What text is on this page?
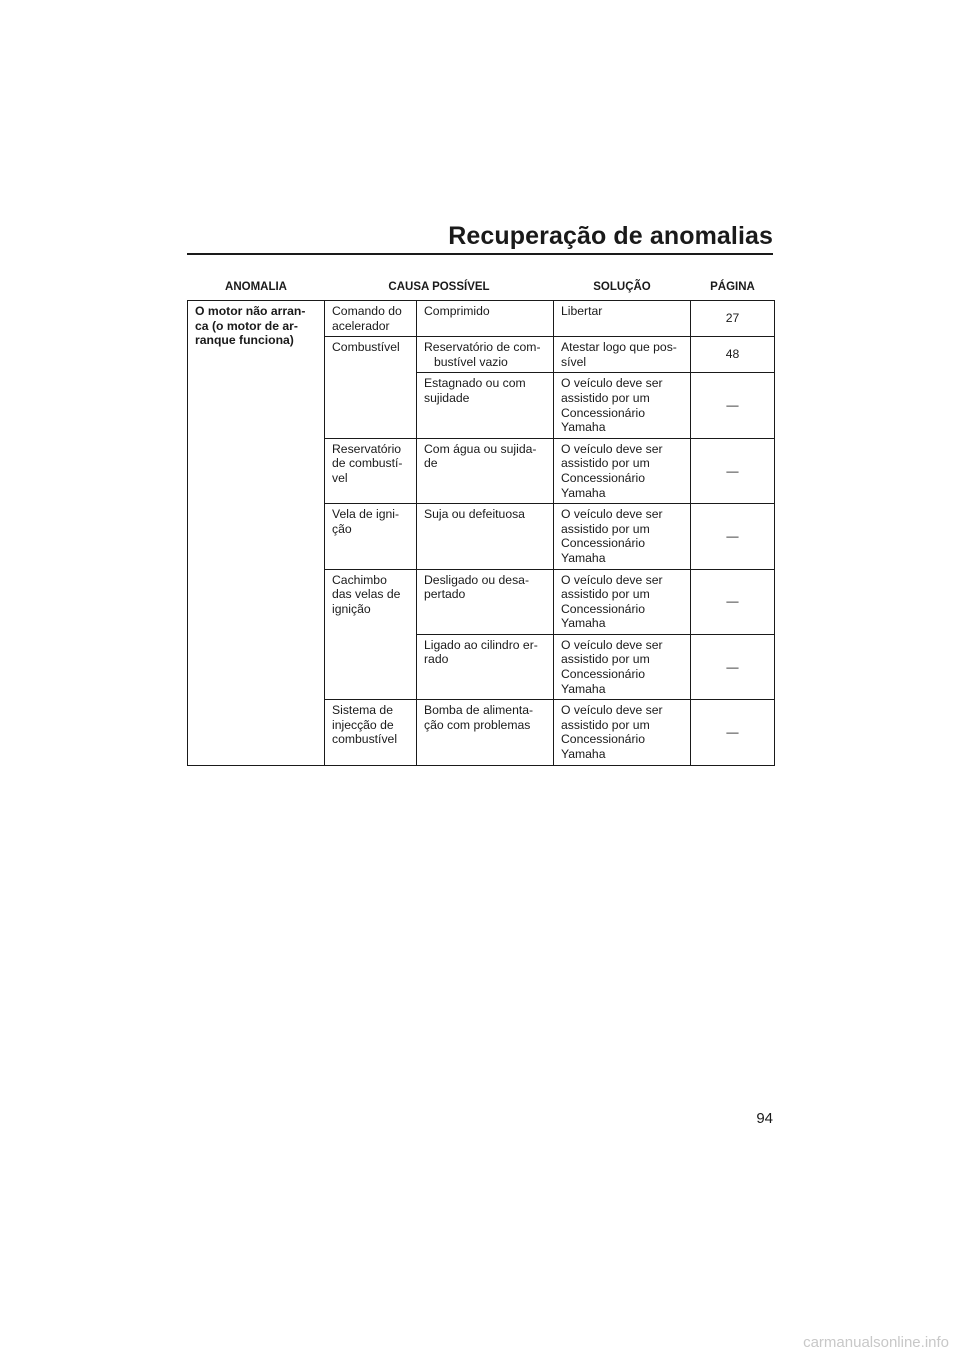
Recuperação de anomalias
ANOMALIA	CAUSA POSSÍVEL		SOLUÇÃO	PÁGINA

O motor não arran-
ca (o motor de ar-
ranque funciona)	Comando do
acelerador	Comprimido	Libertar	27

	Combustível	Reservatório de com-
bustível vazio	Atestar logo que pos-
sível	48

		Estagnado ou com
sujidade	O veículo deve ser
assistido por um
Concessionário
Yamaha	—

	Reservatório
de combustí-
vel	Com água ou sujida-
de	O veículo deve ser
assistido por um
Concessionário
Yamaha	—

	Vela de igni-
ção	Suja ou defeituosa	O veículo deve ser
assistido por um
Concessionário
Yamaha	—

	Cachimbo
das velas de
ignição	Desligado ou desa-
pertado	O veículo deve ser
assistido por um
Concessionário
Yamaha	—

		Ligado ao cilindro er-
rado	O veículo deve ser
assistido por um
Concessionário
Yamaha	—

	Sistema de
injecção de
combustível	Bomba de alimenta-
ção com problemas	O veículo deve ser
assistido por um
Concessionário
Yamaha	—
94
carmanualsonline.info
